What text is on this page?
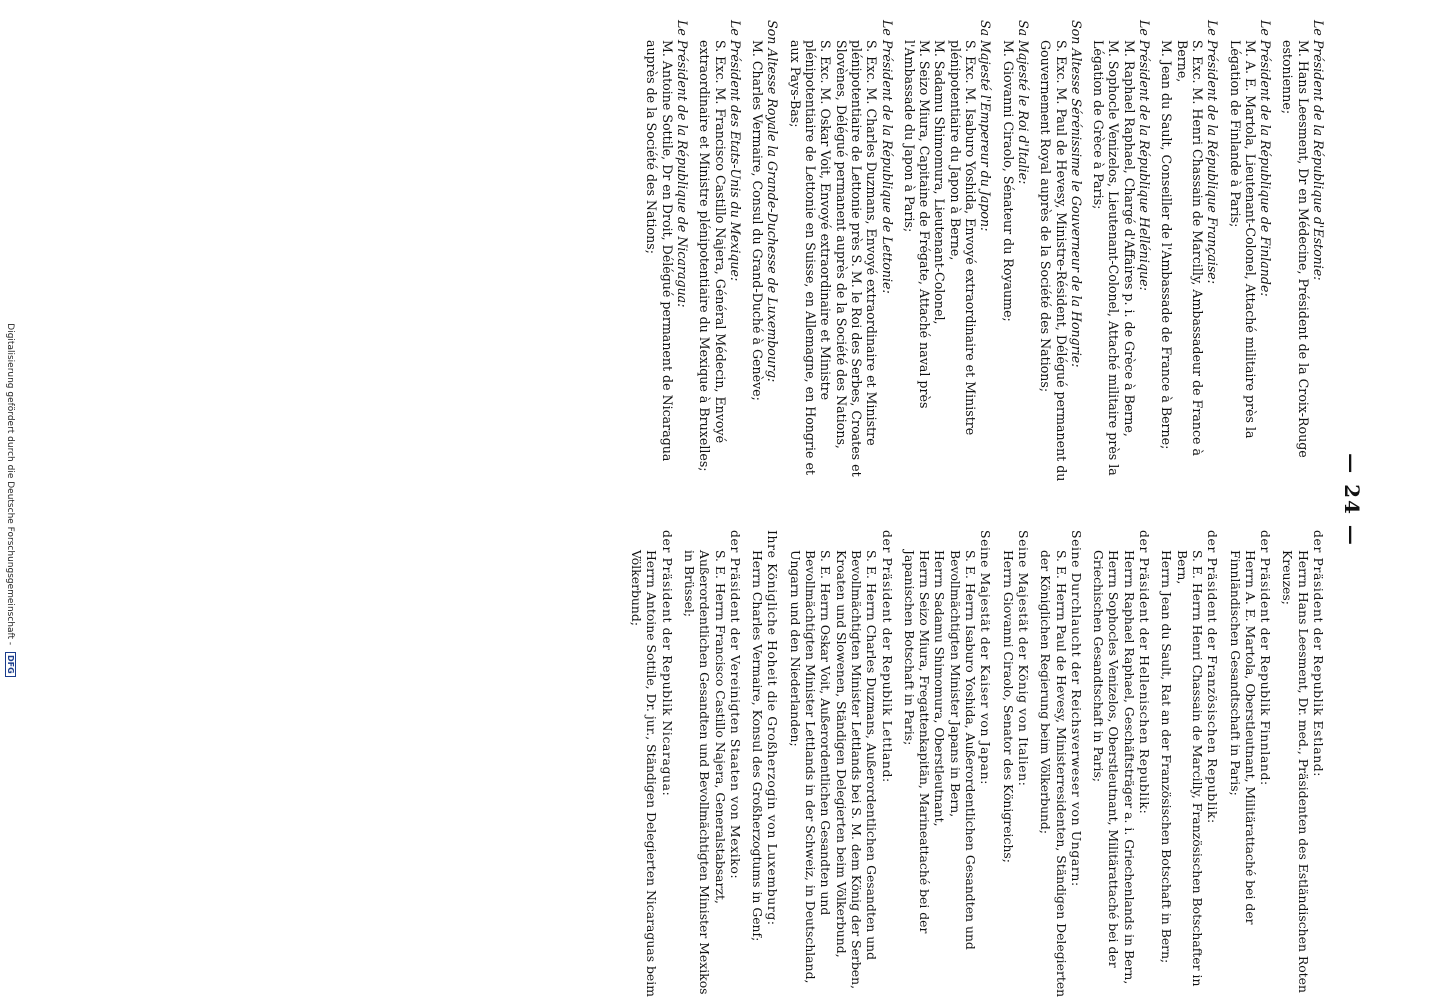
— 24 —
Le Président de la République d'Estonie:
M. Hans Leesment, Dr en Médecine, Président de la Croix-Rouge estonienne;
Le Président de la République de Finlande:
M. A. E. Martola, Lieutenant-Colonel, Attaché militaire près la Légation de Finlande à Paris;
Le Président de la République Française:
S. Exc. M. Henri Chassain de Marcilly, Ambassadeur de France à Berne,
M. Jean du Sault, Conseiller de l'Ambassade de France à Berne;
Le Président de la République Hellénique:
M. Raphael Raphael, Chargé d'Affaires p. i. de Grèce à Berne,
M. Sophocle Venizelos, Lieutenant-Colonel, Attaché militaire près la Légation de Grèce à Paris;
Son Altesse Sérénissime le Gouverneur de la Hongrie:
S. Exc. M. Paul de Hevesy, Ministre-Résident, Délégué permanent du Gouvernement Royal auprès de la Société des Nations;
Sa Majesté le Roi d'Italie:
M. Giovanni Ciraolo, Sénateur du Royaume;
Sa Majesté l'Empereur du Japon:
S. Exc. M. Isaburo Yoshida, Envoyé extraordinaire et Ministre plénipotentiaire du Japon à Berne,
M. Sadamu Shimomura, Lieutenant-Colonel,
M. Seizo Miura, Capitaine de Frégate, Attaché naval près l'Ambassade du Japon à Paris;
Le Président de la République de Lettonie:
S. Exc. M. Charles Duzmans, Envoyé extraordinaire et Ministre plénipotentiaire de Lettonie près S. M. le Roi des Serbes, Croates et Slovènes, Délégué permanent auprès de la Société des Nations,
S. Exc. M. Oskar Voit, Envoyé extraordinaire et Ministre plénipotentiaire de Lettonie en Suisse, en Allemagne, en Hongrie et aux Pays-Bas;
Son Altesse Royale la Grande-Duchesse de Luxembourg:
M. Charles Vermaire, Consul du Grand-Duché à Genève;
Le Président des Etats-Unis du Mexique:
S. Exc. M. Francisco Castillo Najera, Général Médecin, Envoyé extraordinaire et Ministre plénipotentiaire du Mexique à Bruxelles;
Le Président de la République de Nicaragua:
M. Antoine Sottile, Dr en Droit, Délégué permanent de Nicaragua auprès de la Société des Nations;
der Präsident der Republik Estland:
Herrn Hans Leesment, Dr. med., Präsidenten des Estländischen Roten Kreuzes;
der Präsident der Republik Finnland:
Herrn A. E. Martola, Oberstleutnant, Militärattaché bei der Finnländischen Gesandtschaft in Paris;
der Präsident der Französischen Republik:
S. E. Herrn Henri Chassain de Marcilly, Französischen Botschafter in Bern,
Herrn Jean du Sault, Rat an der Französischen Botschaft in Bern;
der Präsident der Hellenischen Republik:
Herrn Raphael Raphael, Geschäftsträger a. i. Griechenlands in Bern,
Herrn Sophocles Venizelos, Oberstleutnant, Militärattaché bei der Griechischen Gesandtschaft in Paris;
Seine Durchlaucht der Reichsverweser von Ungarn:
S. E. Herrn Paul de Hevesy, Ministerresidenten, Ständigen Delegierten der Königlichen Regierung beim Völkerbund;
Seine Majestät der König von Italien:
Herrn Giovanni Ciraolo, Senator des Königreichs;
Seine Majestät der Kaiser von Japan:
S. E. Herrn Isaburo Yoshida, Außerordentlichen Gesandten und Bevollmächtigten Minister Japans in Bern,
Herrn Sadamu Shimomura, Oberstleutnant,
Herrn Seizo Miura, Fregattenkapitän, Marineattaché bei der Japanischen Botschaft in Paris;
der Präsident der Republik Lettland:
S. E. Herrn Charles Duzmans, Außerordentlichen Gesandten und Bevollmächtigten Minister Lettlands bei S. M. dem König der Serben, Kroaten und Slowenen, Ständigen Delegierten beim Völkerbund,
S. E. Herrn Oskar Voit, Außerordentlichen Gesandten und Bevollmächtigten Minister Lettlands in der Schweiz, in Deutschland, Ungarn und den Niederlanden;
Ihre Königliche Hoheit die Großherzogin von Luxemburg:
Herrn Charles Vermaire, Konsul des Großherzogtums in Genf;
der Präsident der Vereinigten Staaten von Mexiko:
S. E. Herrn Francisco Castillo Najera, Generalstabsarzt, Außerordentlichen Gesandten und Bevollmächtigten Minister Mexikos in Brüssel;
der Präsident der Republik Nicaragua:
Herrn Antoine Sottile, Dr. jur., Ständigen Delegierten Nicaraguas beim Völkerbund;
Digitalisierung gefördert durch die Deutsche Forschungsgemeinschaft - DFG
